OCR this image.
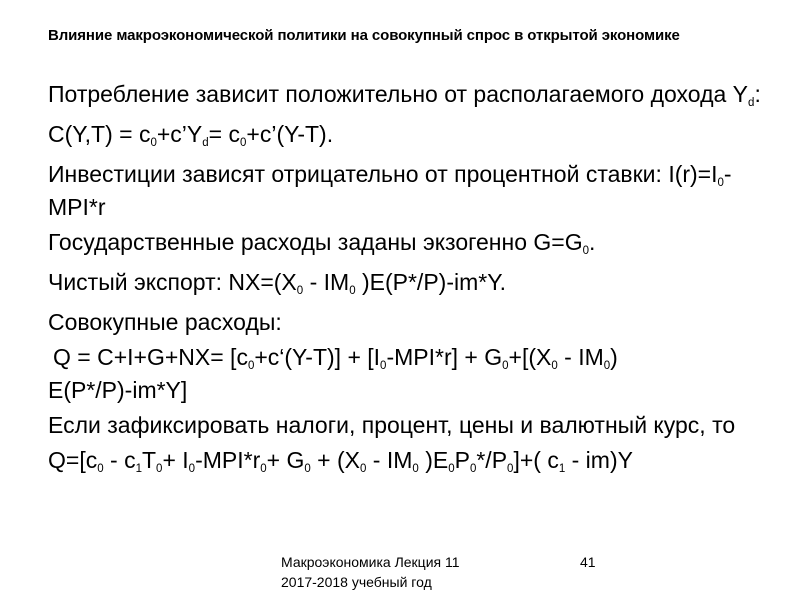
Влияние макроэкономической политики на совокупный спрос в открытой экономике

Потребление зависит положительно от располагаемого дохода $Y_d$:

$C(Y,T) = c_0+c’Y_d=$ $c_0+c’(Y-T)$.

Инвестиции зависят отрицательно от процентной ставки: $I(r)=I_0-MPI*r$

Государственные расходы заданы экзогенно $G=G_0$.

Чистый экспорт: $NX=(X_0 - IM_0$ )E(P*/P)-im*Y.

Совокупные расходы:

$Q = C+I+G+NX= [c_0+c‘(Y-T)] + [I_0-MPI*r] + G_0+[(X_0 - IM_0)$

E(P*/P)-im*Y]

Если зафиксировать налоги, процент, цены и валютный курс, то

$Q=[c_0 - c_1T_0+ I_0-MPI*r_0+ G_0 + (X_0 - IM_0$ )$E_0P_0*/P_0]+$( $c_1 - im)Y$

Макроэкономика Лекция 11
2017-2018 учебный год
41
